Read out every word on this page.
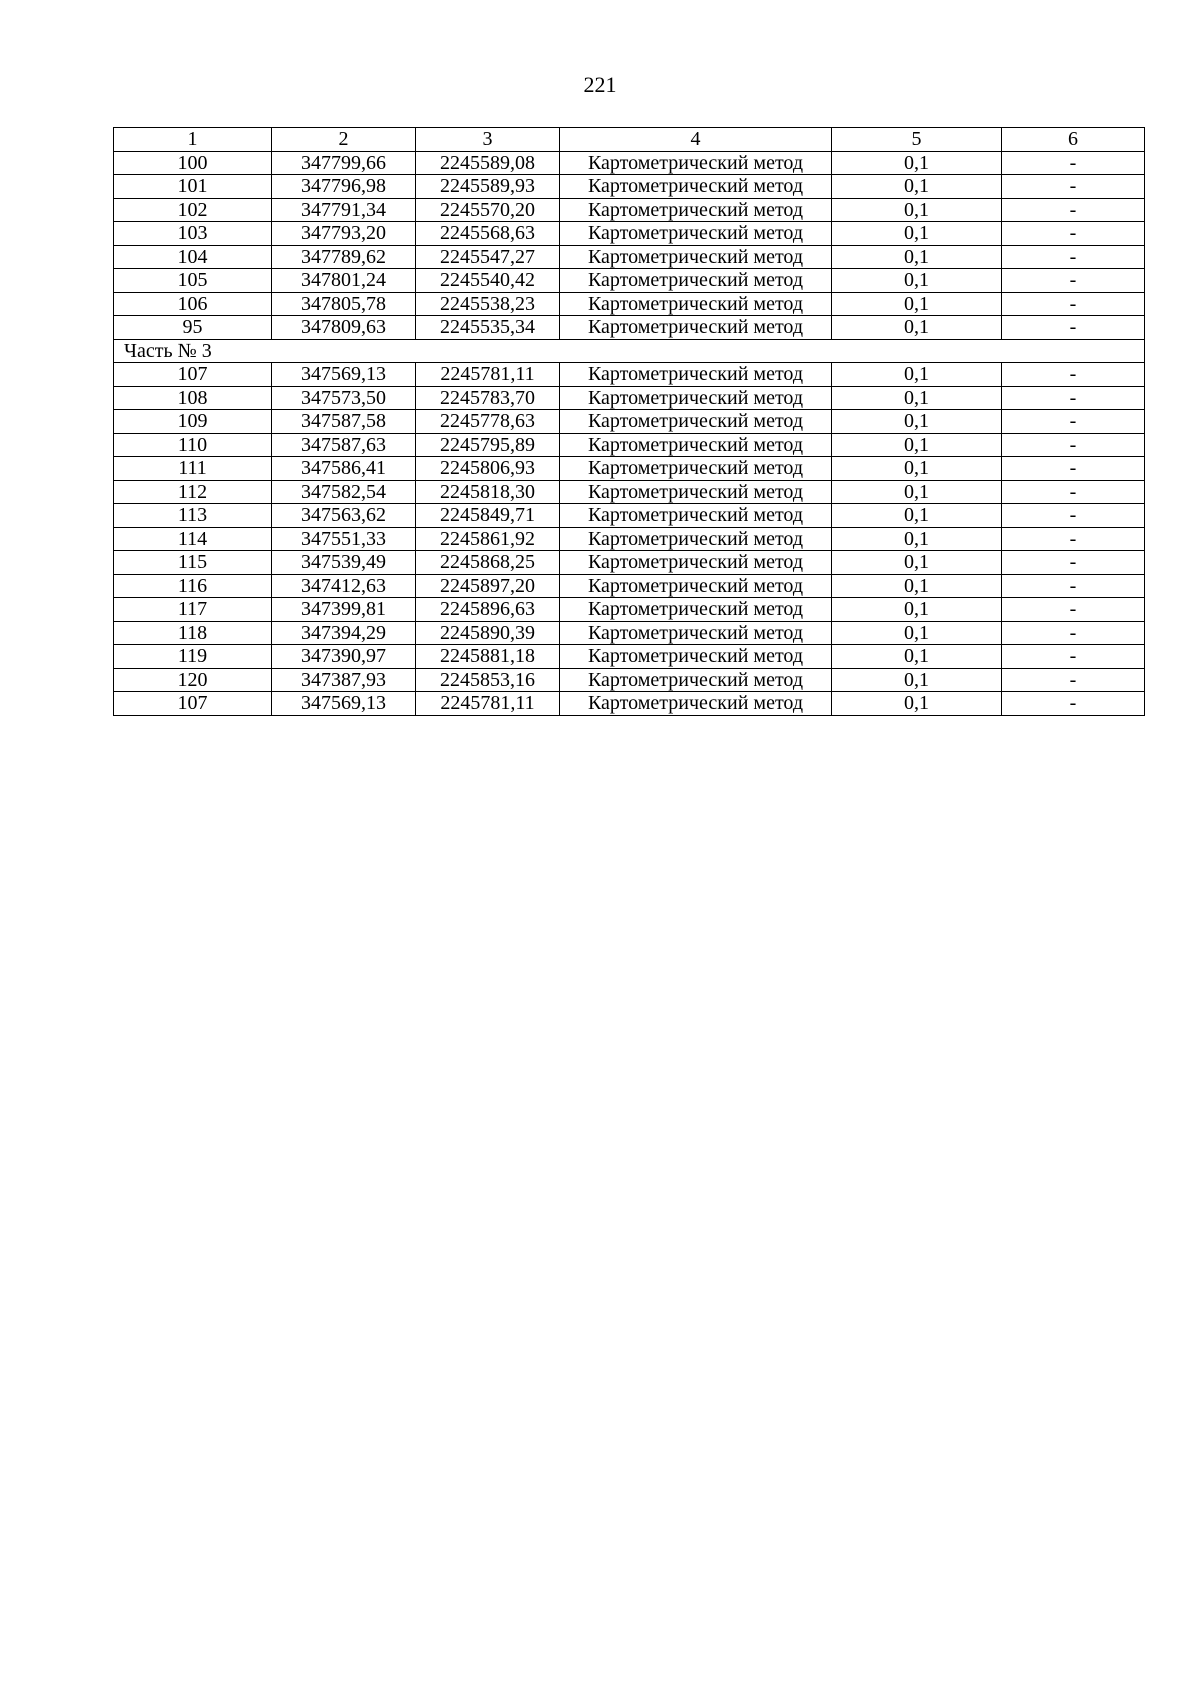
221
1	2	3	4	5	6
100	347799,66	2245589,08	Картометрический метод	0,1	-
101	347796,98	2245589,93	Картометрический метод	0,1	-
102	347791,34	2245570,20	Картометрический метод	0,1	-
103	347793,20	2245568,63	Картометрический метод	0,1	-
104	347789,62	2245547,27	Картометрический метод	0,1	-
105	347801,24	2245540,42	Картометрический метод	0,1	-
106	347805,78	2245538,23	Картометрический метод	0,1	-
95	347809,63	2245535,34	Картометрический метод	0,1	-
Часть № 3					
107	347569,13	2245781,11	Картометрический метод	0,1	-
108	347573,50	2245783,70	Картометрический метод	0,1	-
109	347587,58	2245778,63	Картометрический метод	0,1	-
110	347587,63	2245795,89	Картометрический метод	0,1	-
111	347586,41	2245806,93	Картометрический метод	0,1	-
112	347582,54	2245818,30	Картометрический метод	0,1	-
113	347563,62	2245849,71	Картометрический метод	0,1	-
114	347551,33	2245861,92	Картометрический метод	0,1	-
115	347539,49	2245868,25	Картометрический метод	0,1	-
116	347412,63	2245897,20	Картометрический метод	0,1	-
117	347399,81	2245896,63	Картометрический метод	0,1	-
118	347394,29	2245890,39	Картометрический метод	0,1	-
119	347390,97	2245881,18	Картометрический метод	0,1	-
120	347387,93	2245853,16	Картометрический метод	0,1	-
107	347569,13	2245781,11	Картометрический метод	0,1	-
